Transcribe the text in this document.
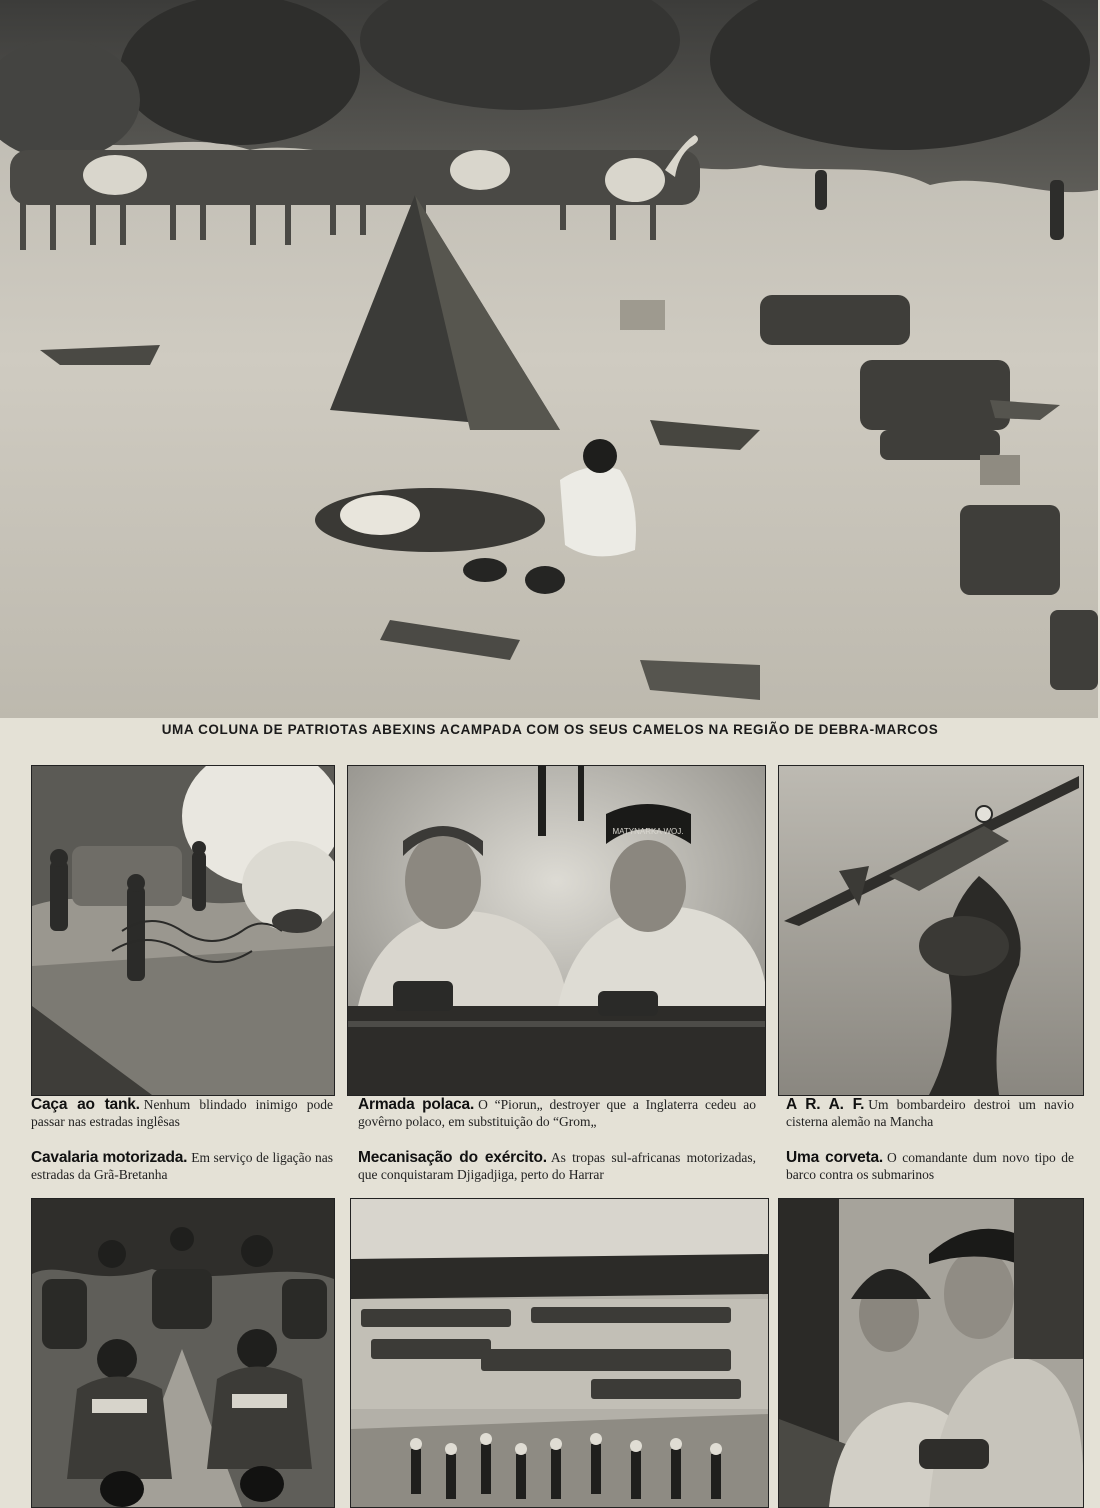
UMA COLUNA DE PATRIOTAS ABEXINS ACAMPADA COM OS SEUS CAMELOS NA REGIÃO DE DEBRA-MARCOS
MATYNARKA WOJ.
Caça ao tank. Nenhum blindado inimigo pode passar nas estradas inglêsas
Armada polaca. O “Piorun„ destroyer que a Inglaterra cedeu ao govêrno polaco, em substituição do “Grom„
A R. A. F. Um bombardeiro destroi um navio cisterna alemão na Mancha
Cavalaria motorizada. Em serviço de ligação nas estradas da Grã-Bretanha
Mecanisação do exército. As tropas sul-africanas motorizadas, que conquistaram Djigadjiga, perto do Harrar
Uma corveta. O comandante dum novo tipo de barco contra os submarinos
